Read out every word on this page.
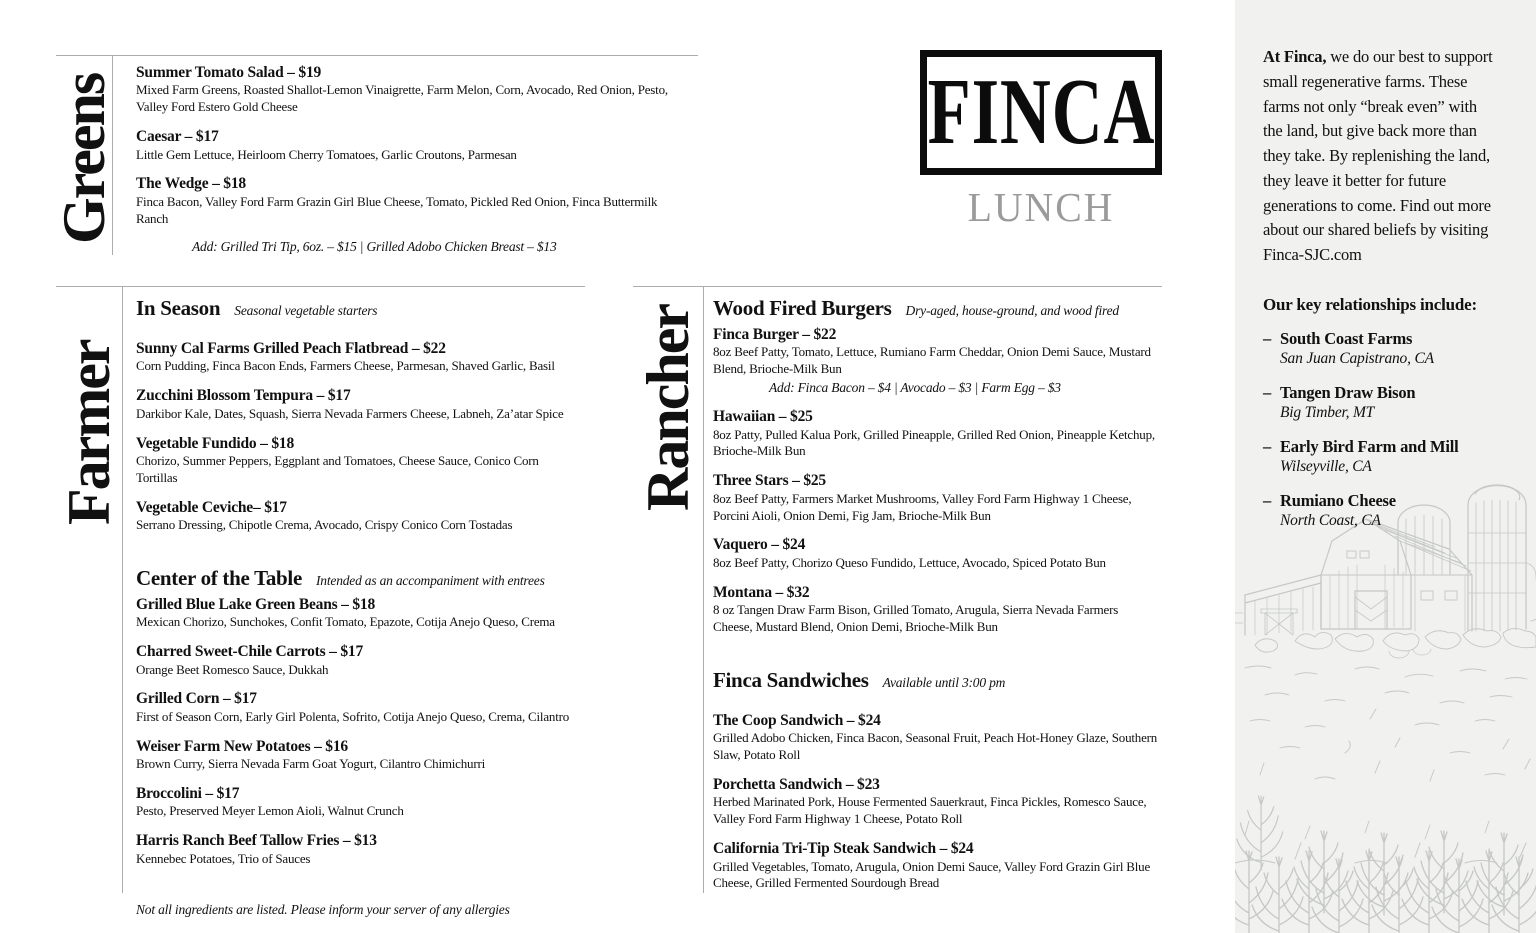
Greens
Summer Tomato Salad – $19
Mixed Farm Greens, Roasted Shallot-Lemon Vinaigrette, Farm Melon, Corn, Avocado, Red Onion, Pesto, Valley Ford Estero Gold Cheese
Caesar – $17
Little Gem Lettuce, Heirloom Cherry Tomatoes, Garlic Croutons, Parmesan
The Wedge – $18
Finca Bacon, Valley Ford Farm Grazin Girl Blue Cheese, Tomato, Pickled Red Onion, Finca Buttermilk Ranch
Add: Grilled Tri Tip, 6oz. – $15 | Grilled Adobo Chicken Breast – $13
Farmer
In Season Seasonal vegetable starters
Sunny Cal Farms Grilled Peach Flatbread – $22
Corn Pudding, Finca Bacon Ends, Farmers Cheese, Parmesan, Shaved Garlic, Basil
Zucchini Blossom Tempura – $17
Darkibor Kale, Dates, Squash, Sierra Nevada Farmers Cheese, Labneh, Za’atar Spice
Vegetable Fundido – $18
Chorizo, Summer Peppers, Eggplant and Tomatoes, Cheese Sauce, Conico Corn Tortillas
Vegetable Ceviche– $17
Serrano Dressing, Chipotle Crema, Avocado, Crispy Conico Corn Tostadas
Center of the Table Intended as an accompaniment with entrees
Grilled Blue Lake Green Beans – $18
Mexican Chorizo, Sunchokes, Confit Tomato, Epazote, Cotija Anejo Queso, Crema
Charred Sweet-Chile Carrots – $17
Orange Beet Romesco Sauce, Dukkah
Grilled Corn – $17
First of Season Corn, Early Girl Polenta, Sofrito, Cotija Anejo Queso, Crema, Cilantro
Weiser Farm New Potatoes – $16
Brown Curry, Sierra Nevada Farm Goat Yogurt, Cilantro Chimichurri
Broccolini – $17
Pesto, Preserved Meyer Lemon Aioli, Walnut Crunch
Harris Ranch Beef Tallow Fries – $13
Kennebec Potatoes, Trio of Sauces
Not all ingredients are listed. Please inform your server of any allergies
Rancher Wood Fired Burgers Dry-aged, house-ground, and wood fired
Finca Burger – $22
8oz Beef Patty, Tomato, Lettuce, Rumiano Farm Cheddar, Onion Demi Sauce, Mustard Blend, Brioche-Milk Bun
Add: Finca Bacon – $4 | Avocado – $3 | Farm Egg – $3
Hawaiian – $25
8oz Patty, Pulled Kalua Pork, Grilled Pineapple, Grilled Red Onion, Pineapple Ketchup, Brioche-Milk Bun
Three Stars – $25
8oz Beef Patty, Farmers Market Mushrooms, Valley Ford Farm Highway 1 Cheese, Porcini Aioli, Onion Demi, Fig Jam, Brioche-Milk Bun
Vaquero – $24
8oz Beef Patty, Chorizo Queso Fundido, Lettuce, Avocado, Spiced Potato Bun
Montana – $32
8 oz Tangen Draw Farm Bison, Grilled Tomato, Arugula, Sierra Nevada Farmers Cheese, Mustard Blend, Onion Demi, Brioche-Milk Bun
Finca Sandwiches Available until 3:00 pm
The Coop Sandwich – $24
Grilled Adobo Chicken, Finca Bacon, Seasonal Fruit, Peach Hot-Honey Glaze, Southern Slaw, Potato Roll
Porchetta Sandwich – $23
Herbed Marinated Pork, House Fermented Sauerkraut, Finca Pickles, Romesco Sauce, Valley Ford Farm Highway 1 Cheese, Potato Roll
California Tri-Tip Steak Sandwich – $24
Grilled Vegetables, Tomato, Arugula, Onion Demi Sauce, Valley Ford Grazin Girl Blue Cheese, Grilled Fermented Sourdough Bread
FINCA
LUNCH
At Finca, we do our best to support small regenerative farms. These farms not only “break even” with the land, but give back more than they take. By replenishing the land, they leave it better for future generations to come. Find out more about our shared beliefs by visiting Finca-SJC.com
Our key relationships include:
– South Coast Farms
San Juan Capistrano, CA
– Tangen Draw Bison
Big Timber, MT
– Early Bird Farm and Mill
Wilseyville, CA
– Rumiano Cheese
North Coast, CA
